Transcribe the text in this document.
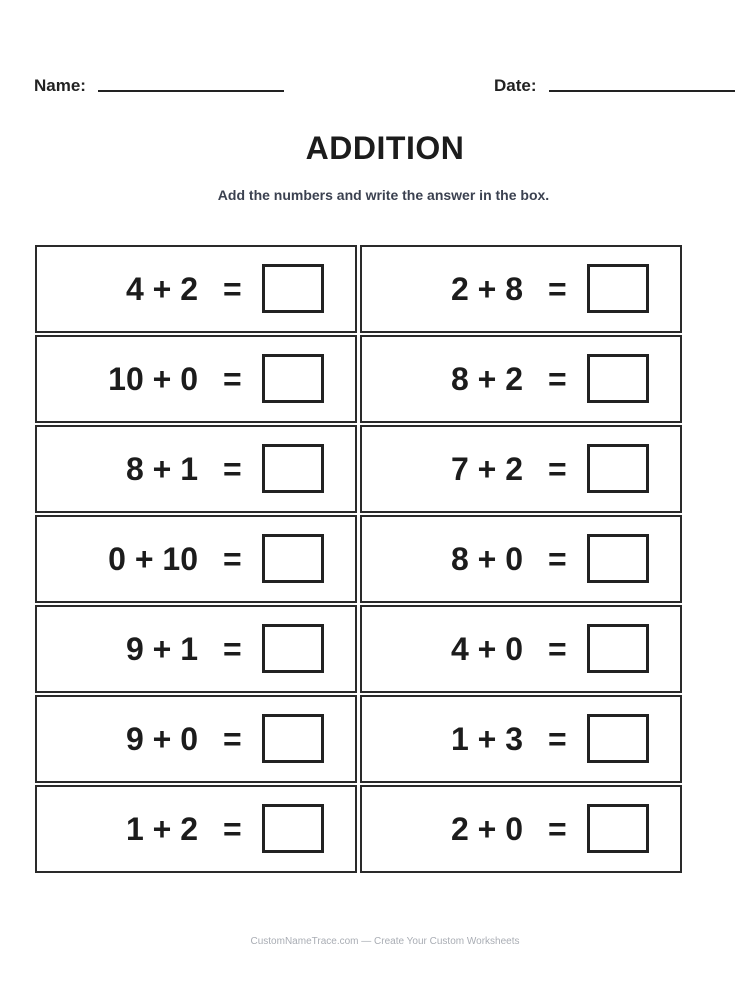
Name:	Date:
ADDITION

Add the numbers and write the answer in the box.

4 + 2 =	2 + 8 =
10 + 0 =	8 + 2 =
8 + 1 =	7 + 2 =
0 + 10 =	8 + 0 =
9 + 1 =	4 + 0 =
9 + 0 =	1 + 3 =
1 + 2 =	2 + 0 =

CustomNameTrace.com — Create Your Custom Worksheets
